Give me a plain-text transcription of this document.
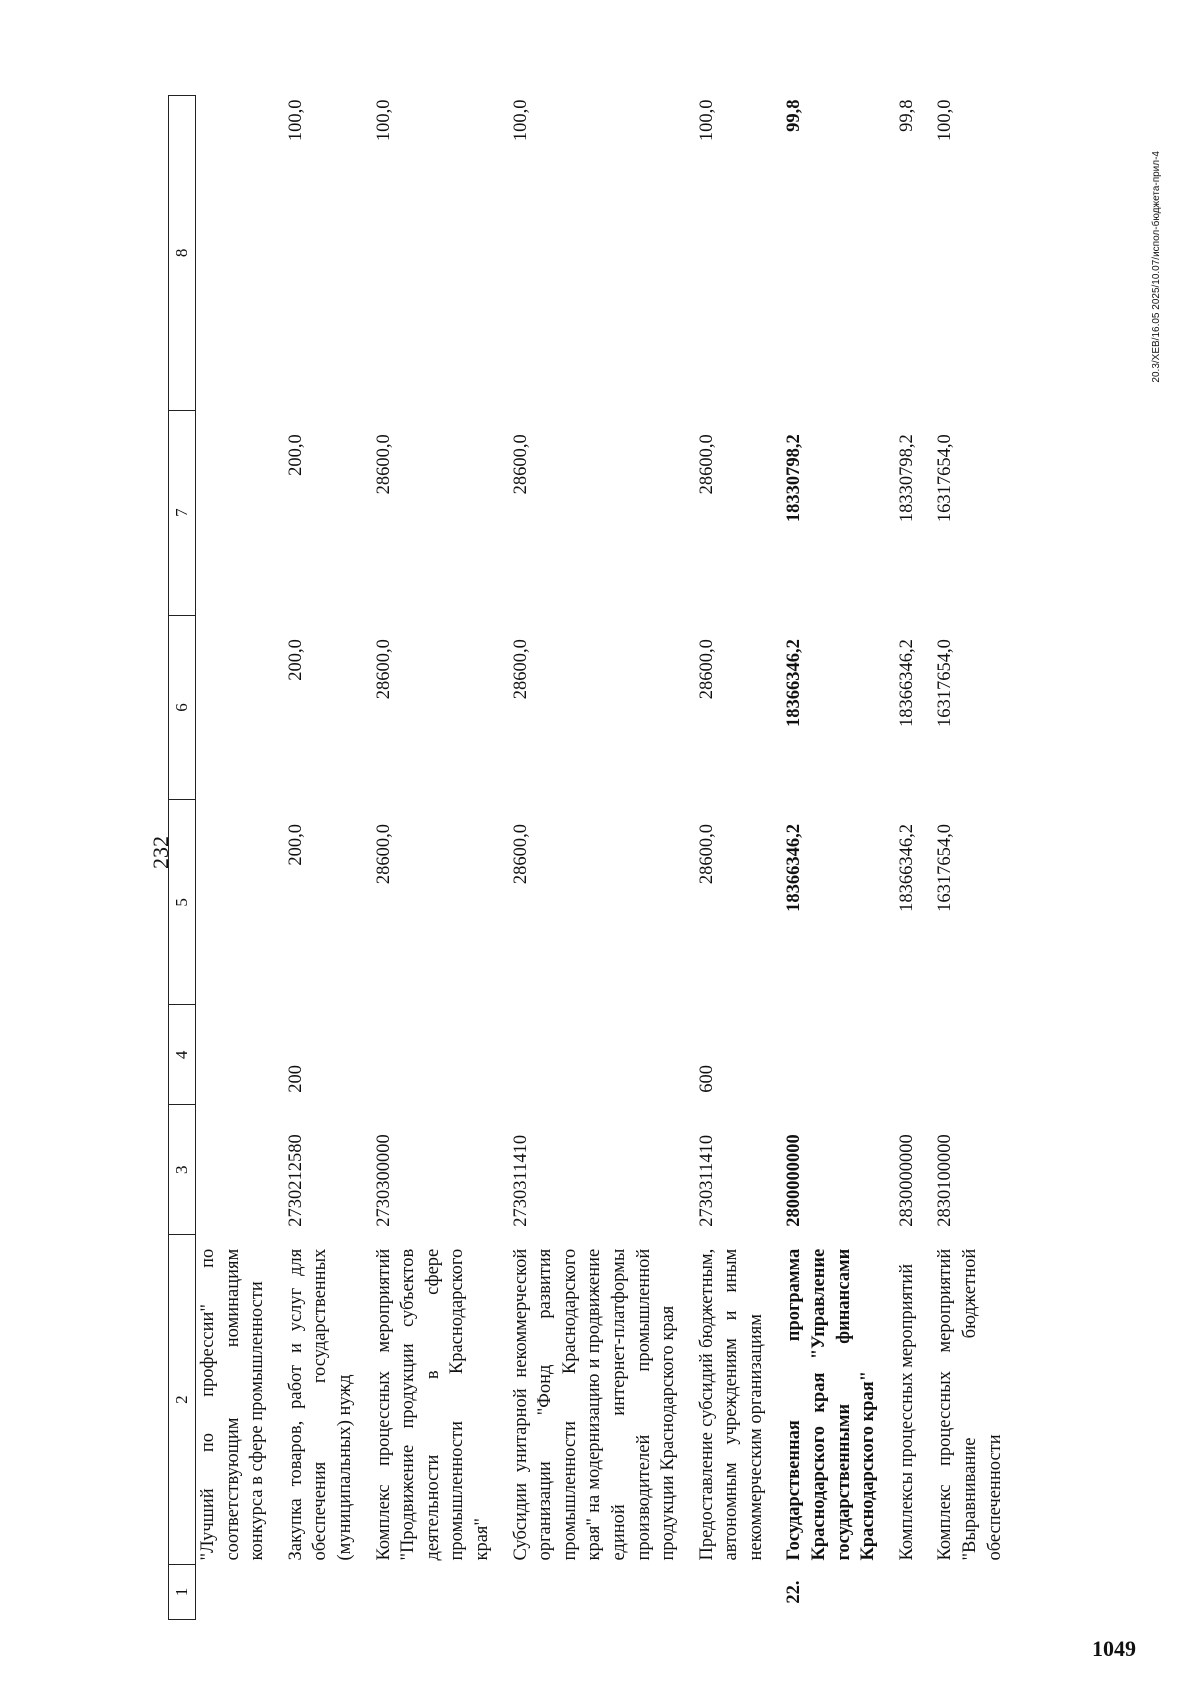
232
1	2	3	4	5	6	7	8
	"Лучший по профессии" по соответствующим номинациям конкурса в сфере промышленности						
	Закупка товаров, работ и услуг для обеспечения государственных (муниципальных) нужд	2730212580	200	200,0	200,0	200,0	100,0
	Комплекс процессных мероприятий "Продвижение продукции субъектов деятельности в сфере промышленности Краснодарского края"	2730300000		28600,0	28600,0	28600,0	100,0
	Субсидии унитарной некоммерческой организации "Фонд развития промышленности Краснодарского края" на модернизацию и продвижение единой интернет-платформы производителей промышленной продукции Краснодарского края	2730311410		28600,0	28600,0	28600,0	100,0
	Предоставление субсидий бюджетным, автономным учреждениям и иным некоммерческим организациям	2730311410	600	28600,0	28600,0	28600,0	100,0
22.	Государственная программа Краснодарского края "Управление государственными финансами Краснодарского края"	2800000000		18366346,2	18366346,2	18330798,2	99,8
	Комплексы процессных мероприятий	2830000000		18366346,2	18366346,2	18330798,2	99,8
	Комплекс процессных мероприятий "Выравнивание бюджетной обеспеченности	2830100000		16317654,0	16317654,0	16317654,0	100,0
20.3/ХЕВ/16.05 2025/10.07/испол-бюджета-прил-4
1049
